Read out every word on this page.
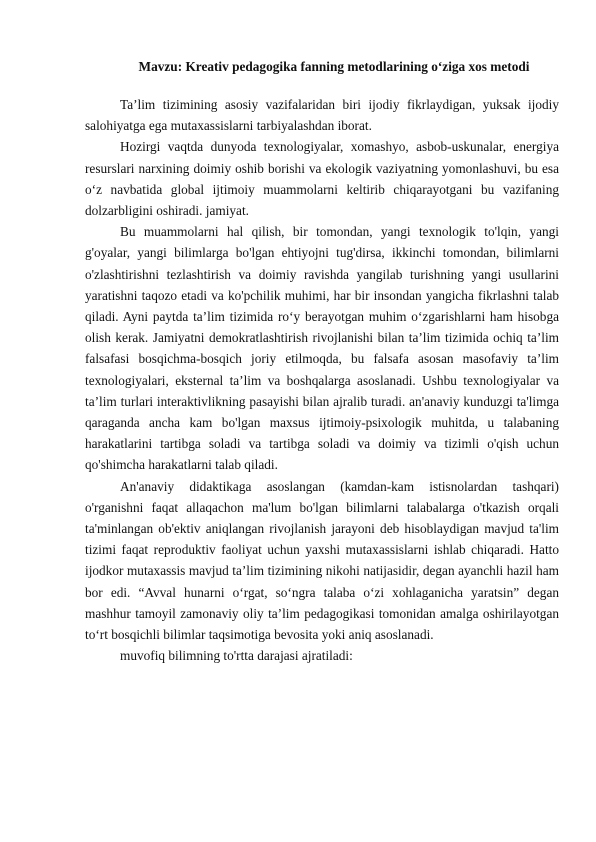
Mavzu: Kreativ pedagogika fanning metodlarining o‘ziga xos metodi

Ta’lim tizimining asosiy vazifalaridan biri ijodiy fikrlaydigan, yuksak ijodiy salohiyatga ega mutaxassislarni tarbiyalashdan iborat.

Hozirgi vaqtda dunyoda texnologiyalar, xomashyo, asbob-uskunalar, energiya resurslari narxining doimiy oshib borishi va ekologik vaziyatning yomonlashuvi, bu esa o‘z navbatida global ijtimoiy muammolarni keltirib chiqarayotgani bu vazifaning dolzarbligini oshiradi. jamiyat.

Bu muammolarni hal qilish, bir tomondan, yangi texnologik to'lqin, yangi g'oyalar, yangi bilimlarga bo'lgan ehtiyojni tug'dirsa, ikkinchi tomondan, bilimlarni o'zlashtirishni tezlashtirish va doimiy ravishda yangilab turishning yangi usullarini yaratishni taqozo etadi va ko'pchilik muhimi, har bir insondan yangicha fikrlashni talab qiladi. Ayni paytda ta’lim tizimida ro‘y berayotgan muhim o‘zgarishlarni ham hisobga olish kerak. Jamiyatni demokratlashtirish rivojlanishi bilan ta’lim tizimida ochiq ta’lim falsafasi bosqichma-bosqich joriy etilmoqda, bu falsafa asosan masofaviy ta’lim texnologiyalari, eksternal ta’lim va boshqalarga asoslanadi. Ushbu texnologiyalar va ta’lim turlari interaktivlikning pasayishi bilan ajralib turadi. an'anaviy kunduzgi ta'limga qaraganda ancha kam bo'lgan maxsus ijtimoiy-psixologik muhitda, u talabaning harakatlarini tartibga soladi va tartibga soladi va doimiy va tizimli o'qish uchun qo'shimcha harakatlarni talab qiladi.

An'anaviy didaktikaga asoslangan (kamdan-kam istisnolardan tashqari) o'rganishni faqat allaqachon ma'lum bo'lgan bilimlarni talabalarga o'tkazish orqali ta'minlangan ob'ektiv aniqlangan rivojlanish jarayoni deb hisoblaydigan mavjud ta'lim tizimi faqat reproduktiv faoliyat uchun yaxshi mutaxassislarni ishlab chiqaradi. Hatto ijodkor mutaxassis mavjud ta’lim tizimining nikohi natijasidir, degan ayanchli hazil ham bor edi. “Avval hunarni o‘rgat, so‘ngra talaba o‘zi xohlaganicha yaratsin” degan mashhur tamoyil zamonaviy oliy ta’lim pedagogikasi tomonidan amalga oshirilayotgan to‘rt bosqichli bilimlar taqsimotiga bevosita yoki aniq asoslanadi.

muvofiq bilimning to'rtta darajasi ajratiladi:
